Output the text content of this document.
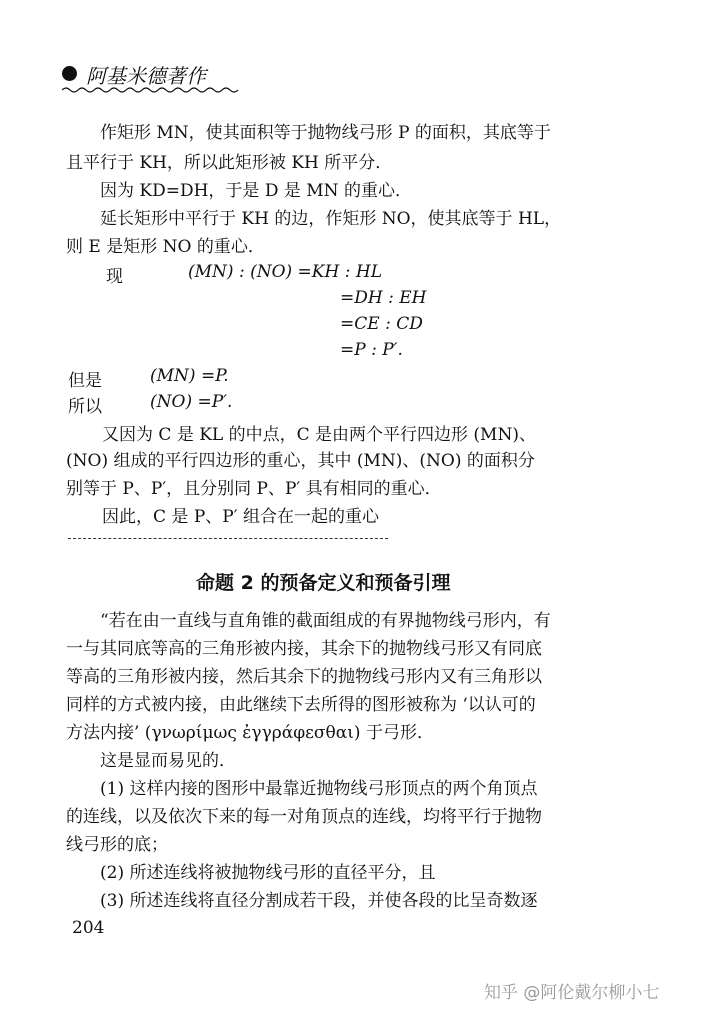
阿基米德著作
作矩形 MN，使其面积等于抛物线弓形 P 的面积，其底等于
且平行于 KH，所以此矩形被 KH 所平分．
因为 KD=DH，于是 D 是 MN 的重心．
延长矩形中平行于 KH 的边，作矩形 NO，使其底等于 HL，
则 E 是矩形 NO 的重心．
现	(MN) : (NO) =KH : HL
=DH : EH
=CE : CD
=P : P′.
但是	(MN) =P.
所以	(NO) =P′.
又因为 C 是 KL 的中点，C 是由两个平行四边形 (MN)、
(NO) 组成的平行四边形的重心，其中 (MN)、(NO) 的面积分
别等于 P、P′，且分别同 P、P′ 具有相同的重心．
因此，C 是 P、P′ 组合在一起的重心
命题 2 的预备定义和预备引理
“若在由一直线与直角锥的截面组成的有界抛物线弓形内，有
一与其同底等高的三角形被内接，其余下的抛物线弓形又有同底
等高的三角形被内接，然后其余下的抛物线弓形内又有三角形以
同样的方式被内接，由此继续下去所得的图形被称为 ‘以认可的
方法内接’ (γνωρίμως ἐγγράφεσθαι) 于弓形．
这是显而易见的．
(1) 这样内接的图形中最靠近抛物线弓形顶点的两个角顶点
的连线，以及依次下来的每一对角顶点的连线，均将平行于抛物
线弓形的底；
(2) 所述连线将被抛物线弓形的直径平分，且
(3) 所述连线将直径分割成若干段，并使各段的比呈奇数逐
204
知乎 @阿伦戴尔柳小七
